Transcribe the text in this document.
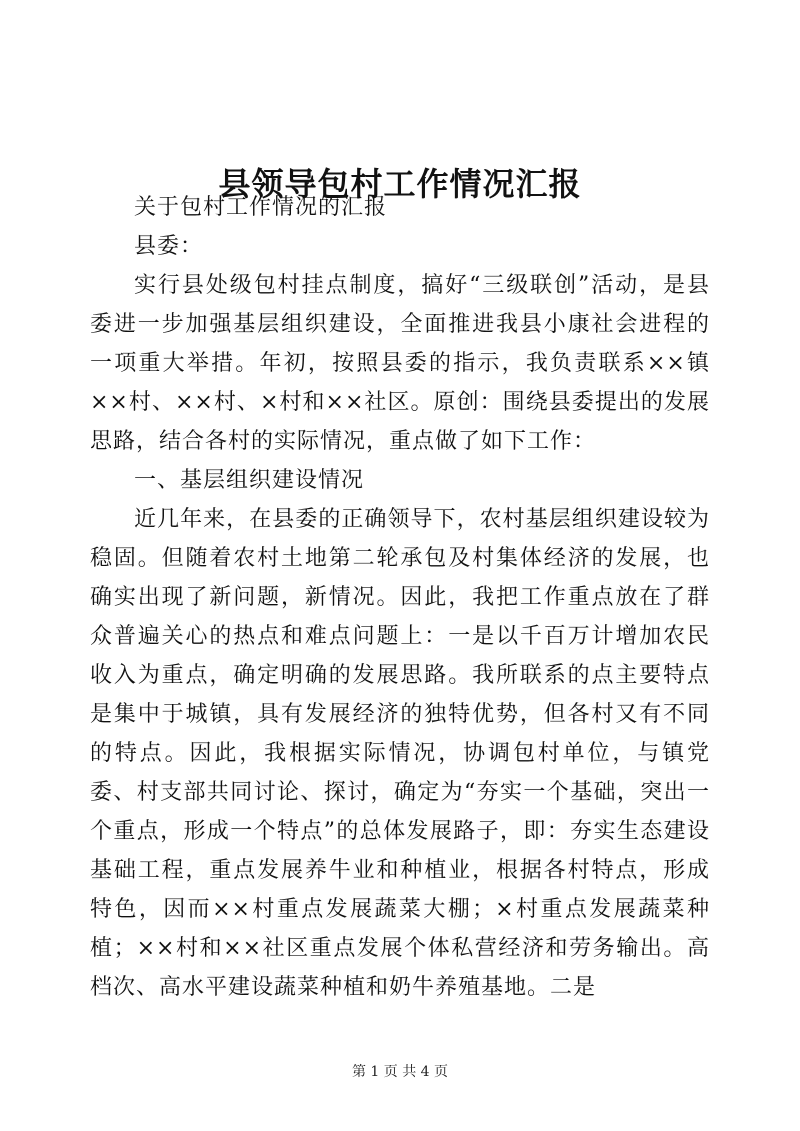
县领导包村工作情况汇报

关于包村工作情况的汇报

县委：

实行县处级包村挂点制度，搞好“三级联创”活动，是县委进一步加强基层组织建设，全面推进我县小康社会进程的一项重大举措。年初，按照县委的指示，我负责联系××镇××村、××村、×村和××社区。原创：围绕县委提出的发展思路，结合各村的实际情况，重点做了如下工作：

一、基层组织建设情况

近几年来，在县委的正确领导下，农村基层组织建设较为稳固。但随着农村土地第二轮承包及村集体经济的发展，也确实出现了新问题，新情况。因此，我把工作重点放在了群众普遍关心的热点和难点问题上：一是以千百万计增加农民收入为重点，确定明确的发展思路。我所联系的点主要特点是集中于城镇，具有发展经济的独特优势，但各村又有不同的特点。因此，我根据实际情况，协调包村单位，与镇党委、村支部共同讨论、探讨，确定为“夯实一个基础，突出一个重点，形成一个特点”的总体发展路子，即：夯实生态建设基础工程，重点发展养牛业和种植业，根据各村特点，形成特色，因而××村重点发展蔬菜大棚；×村重点发展蔬菜种植；××村和××社区重点发展个体私营经济和劳务输出。高档次、高水平建设蔬菜种植和奶牛养殖基地。二是

第 1 页 共 4 页
